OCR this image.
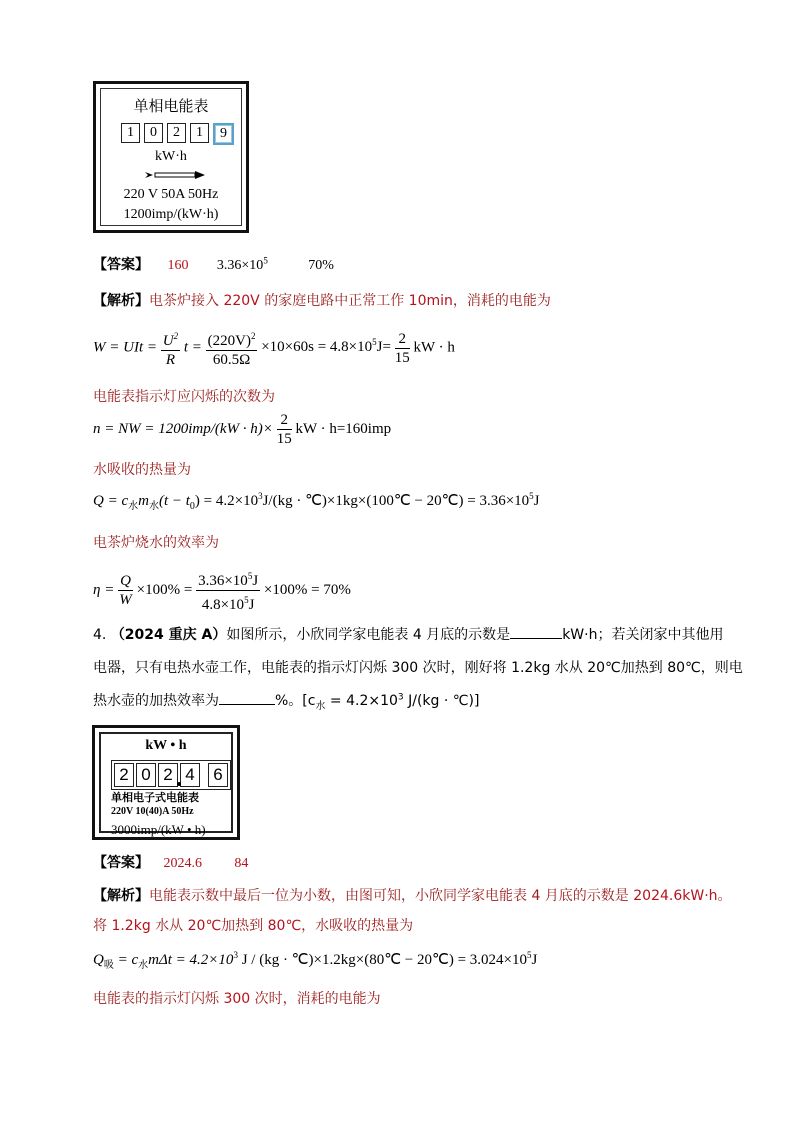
单相电能表
1	0	2	1	9
kW·h
220 V 50A 50Hz
1200imp/(kW·h)
【答案】 160 $3.36\times 10^5$	70%
【解析】电茶炉接入 220V 的家庭电路中正常工作 10min，消耗的电能为
W = UIt = $\frac{U^2}{R}$ $t = \frac{(220V)^2}{60.5\Omega} \times 10\times 60s = 4.8\times 10^5J= \frac{2}{15}$ kW · h
电能表指示灯应闪烁的次数为
n = NW = $1200imp/(kW \cdot h)\times \frac{2}{15}$ kW · h=160imp
水吸收的热量为
$Q = c_水m_水(t - t_0) = 4.2\times 10^3J/(kg$ · ℃)×1kg×(100℃ − 20℃) = $3.36\times 10^5J$
电茶炉烧水的效率为
$\eta = \frac{Q}{W} \times 100\% = \frac{3.36\times 10^5J}{4.8\times 10^5J} \times 100\% = 70\%$
4. （2024 重庆 A）如图所示，小欣同学家电能表 4 月底的示数是	kW·h；若关闭家中其他用
电器，只有电热水壶工作，电能表的指示灯闪烁 300 次时，刚好将 1.2kg 水从 20℃加热到 80℃，则电
热水壶的加热效率为	%。[$c_水 = 4.2\times 10^3$ J/(kg · ℃)]
kW • h
2 0 2 4	6
单相电子式电能表
220V 10(40)A 50Hz
3000imp/(kW • h)
【答案】 2024.6 84
【解析】电能表示数中最后一位为小数，由图可知，小欣同学家电能表 4 月底的示数是 2024.6kW·h。
将 1.2kg 水从 20℃加热到 80℃，水吸收的热量为
$Q_吸 = c_水m\Delta t = 4.2\times 10^3$ J / (kg · ℃)×1.2kg×(80℃ − 20℃) = $3.024\times 10^5J$
电能表的指示灯闪烁 300 次时，消耗的电能为
